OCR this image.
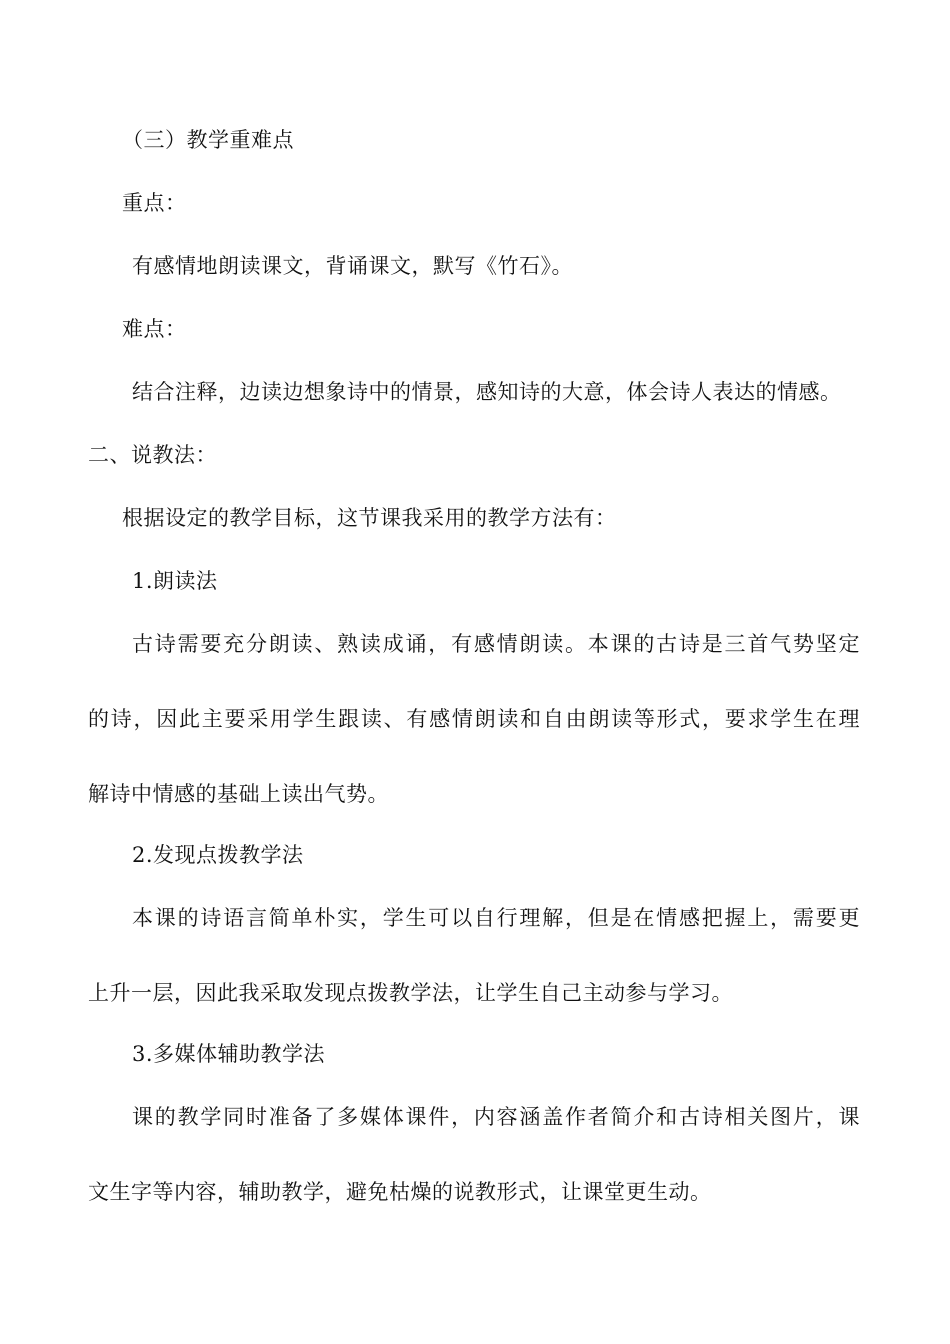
（三）教学重难点
重点：
有感情地朗读课文，背诵课文，默写《竹石》。
难点：
结合注释，边读边想象诗中的情景，感知诗的大意，体会诗人表达的情感。
二、说教法：
根据设定的教学目标，这节课我采用的教学方法有：
1.朗读法
古诗需要充分朗读、熟读成诵，有感情朗读。本课的古诗是三首气势坚定
的诗，因此主要采用学生跟读、有感情朗读和自由朗读等形式，要求学生在理
解诗中情感的基础上读出气势。
2.发现点拨教学法
本课的诗语言简单朴实，学生可以自行理解，但是在情感把握上，需要更
上升一层，因此我采取发现点拨教学法，让学生自己主动参与学习。
3.多媒体辅助教学法
课的教学同时准备了多媒体课件，内容涵盖作者简介和古诗相关图片，课
文生字等内容，辅助教学，避免枯燥的说教形式，让课堂更生动。
